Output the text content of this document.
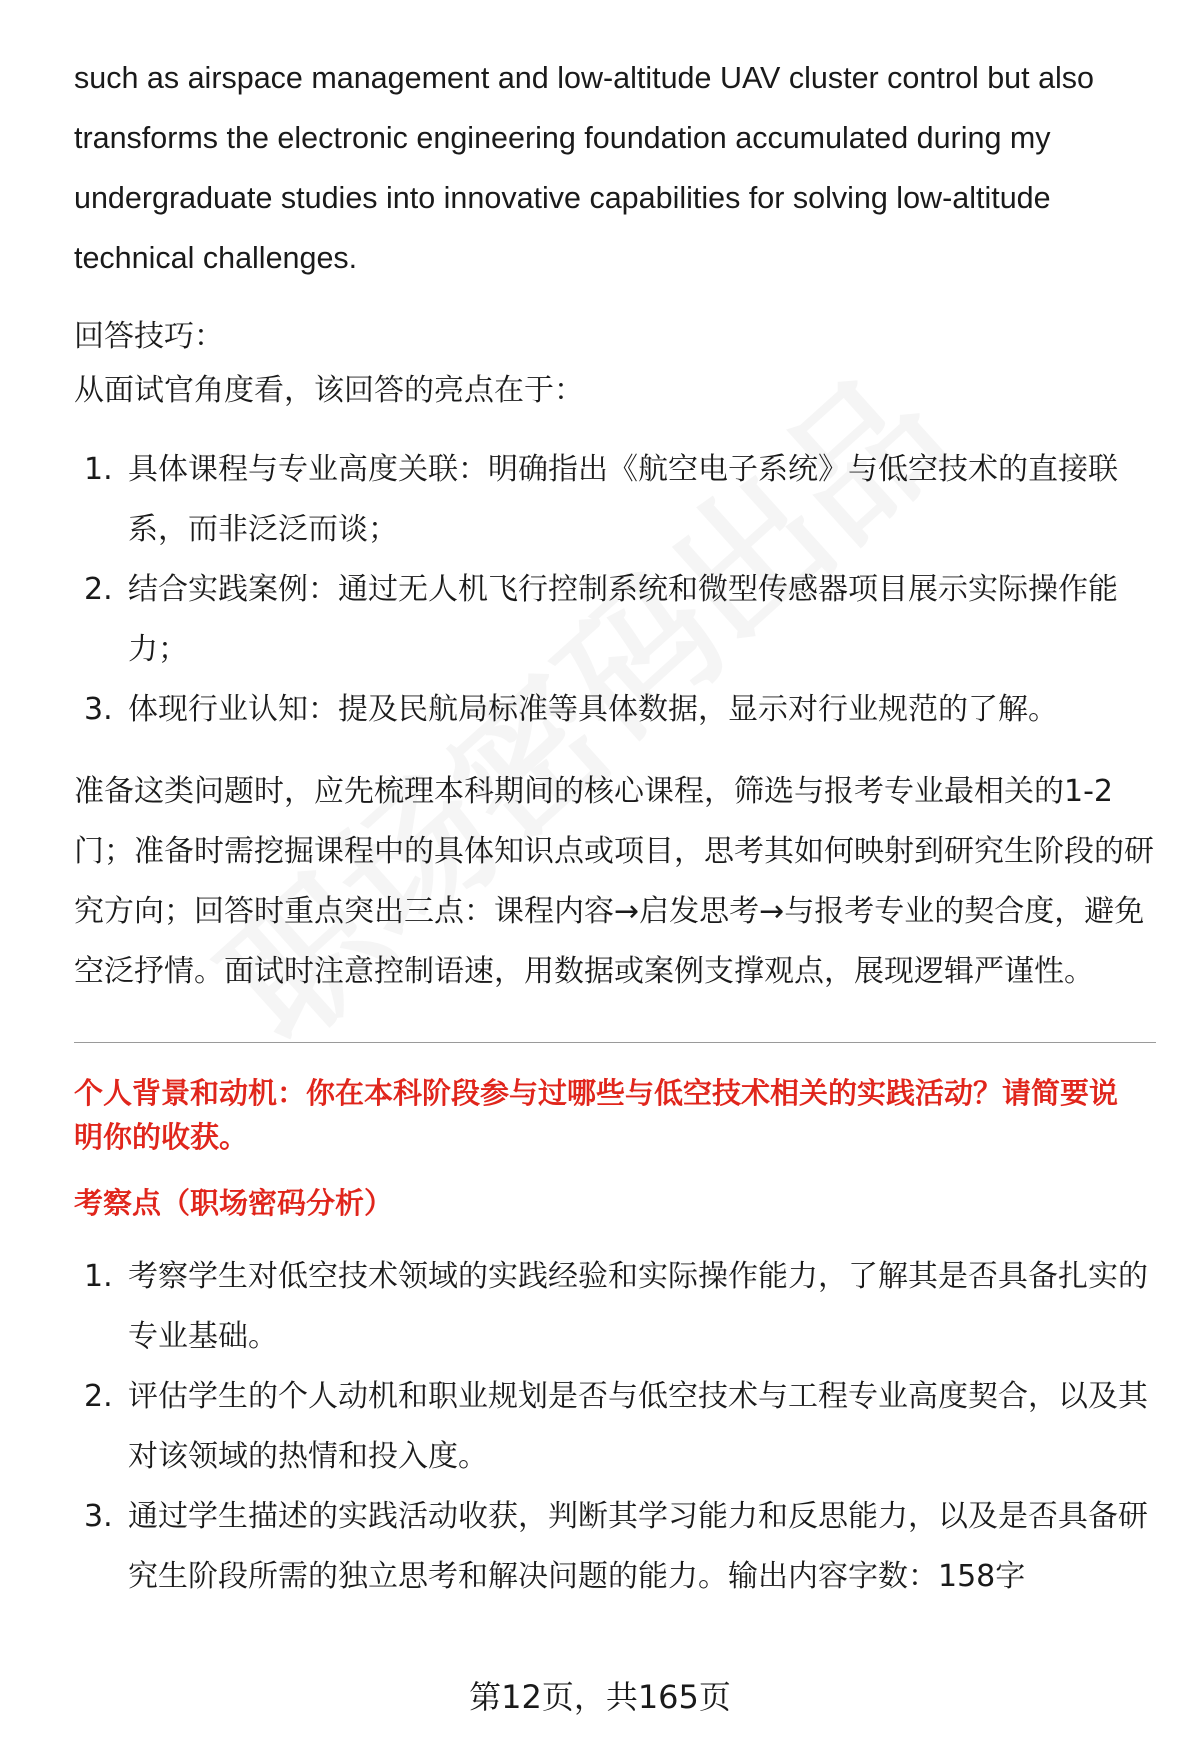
such as airspace management and low-altitude UAV cluster control but also

transforms the electronic engineering foundation accumulated during my

undergraduate studies into innovative capabilities for solving low-altitude

technical challenges.

回答技巧：

从面试官角度看，该回答的亮点在于：

1. 具体课程与专业高度关联：明确指出《航空电子系统》与低空技术的直接联
系，而非泛泛而谈；
2. 结合实践案例：通过无人机飞行控制系统和微型传感器项目展示实际操作能
力；
3. 体现行业认知：提及民航局标准等具体数据，显示对行业规范的了解。

准备这类问题时，应先梳理本科期间的核心课程，筛选与报考专业最相关的1-2

门；准备时需挖掘课程中的具体知识点或项目，思考其如何映射到研究生阶段的研

究方向；回答时重点突出三点：课程内容→启发思考→与报考专业的契合度，避免

空泛抒情。面试时注意控制语速，用数据或案例支撑观点，展现逻辑严谨性。

个人背景和动机：你在本科阶段参与过哪些与低空技术相关的实践活动？请简要说

明你的收获。

考察点（职场密码分析）

1. 考察学生对低空技术领域的实践经验和实际操作能力，了解其是否具备扎实的
专业基础。
2. 评估学生的个人动机和职业规划是否与低空技术与工程专业高度契合，以及其
对该领域的热情和投入度。
3. 通过学生描述的实践活动收获，判断其学习能力和反思能力，以及是否具备研
究生阶段所需的独立思考和解决问题的能力。输出内容字数：158字
第12页，共165页
